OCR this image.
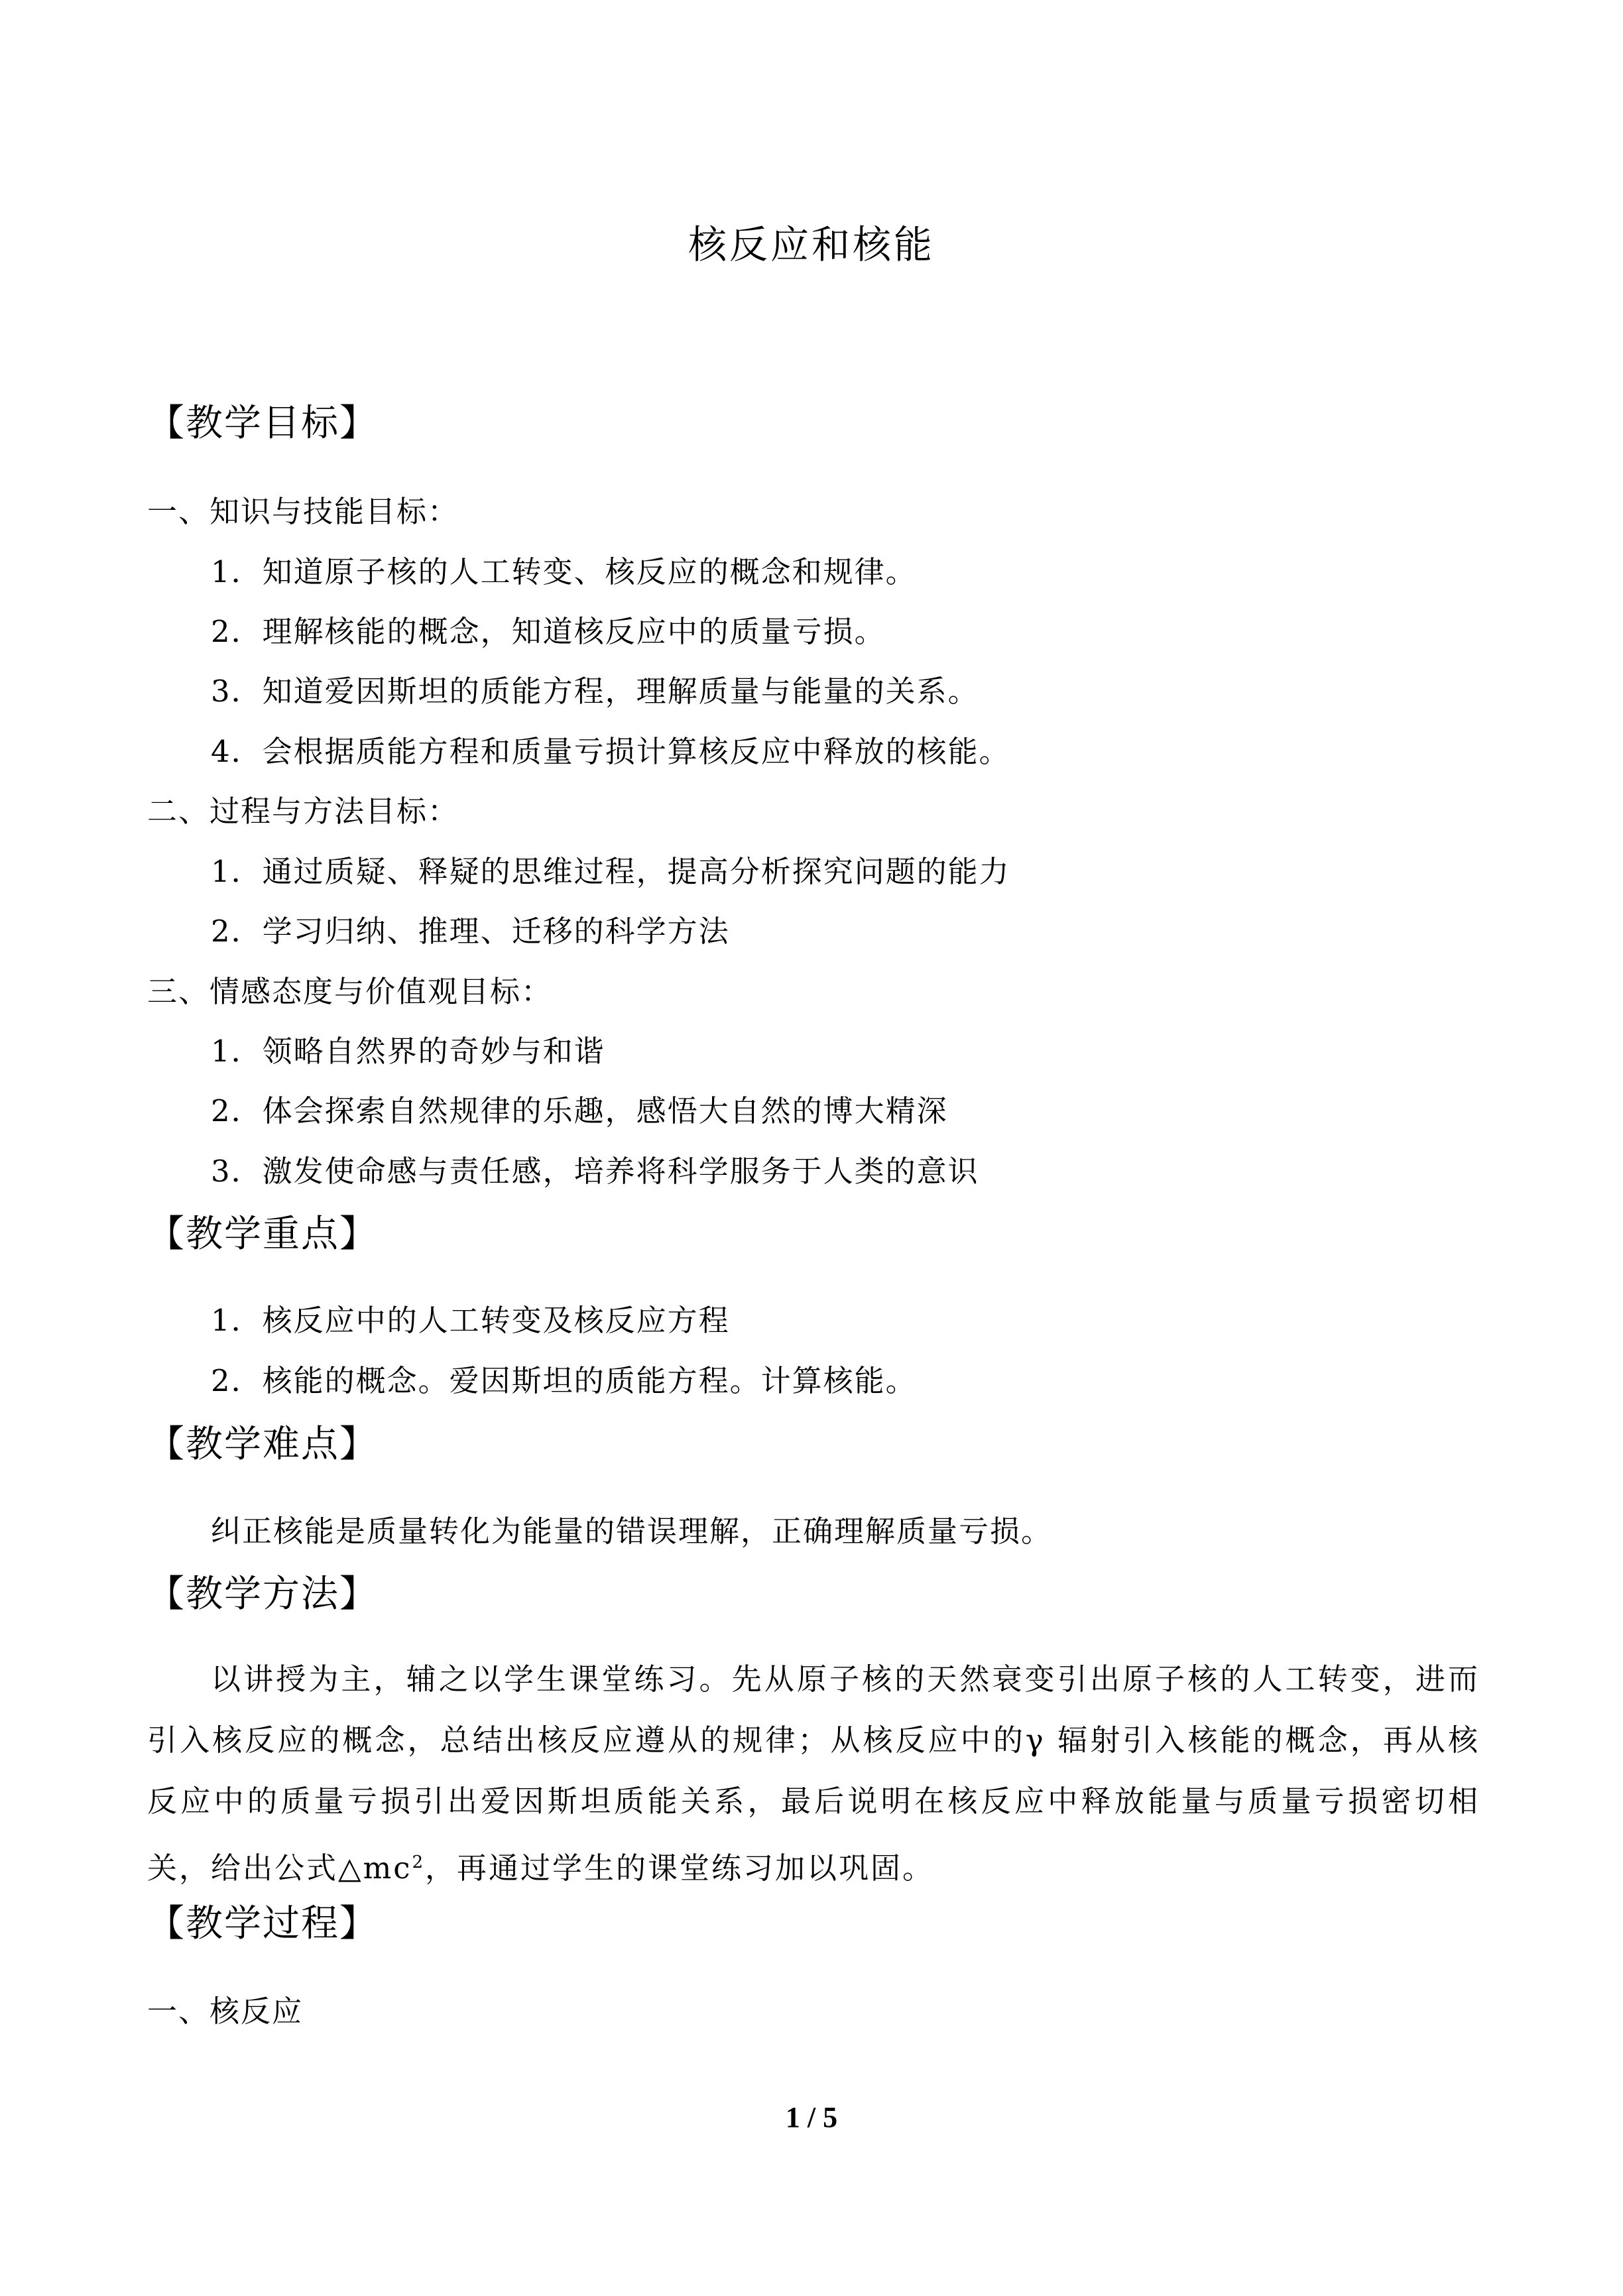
核反应和核能
【教学目标】
一、知识与技能目标：
1．知道原子核的人工转变、核反应的概念和规律。
2．理解核能的概念，知道核反应中的质量亏损。
3．知道爱因斯坦的质能方程，理解质量与能量的关系。
4．会根据质能方程和质量亏损计算核反应中释放的核能。
二、过程与方法目标：
1．通过质疑、释疑的思维过程，提高分析探究问题的能力
2．学习归纳、推理、迁移的科学方法
三、情感态度与价值观目标：
1．领略自然界的奇妙与和谐
2．体会探索自然规律的乐趣，感悟大自然的博大精深
3．激发使命感与责任感，培养将科学服务于人类的意识
【教学重点】
1．核反应中的人工转变及核反应方程
2．核能的概念。爱因斯坦的质能方程。计算核能。
【教学难点】
纠正核能是质量转化为能量的错误理解，正确理解质量亏损。
【教学方法】
以讲授为主，辅之以学生课堂练习。先从原子核的天然衰变引出原子核的人工转变，进而引入核反应的概念，总结出核反应遵从的规律；从核反应中的γ 辐射引入核能的概念，再从核反应中的质量亏损引出爱因斯坦质能关系，最后说明在核反应中释放能量与质量亏损密切相关，给出公式$\triangle mc^2$，再通过学生的课堂练习加以巩固。
【教学过程】
一、核反应
1 / 5
